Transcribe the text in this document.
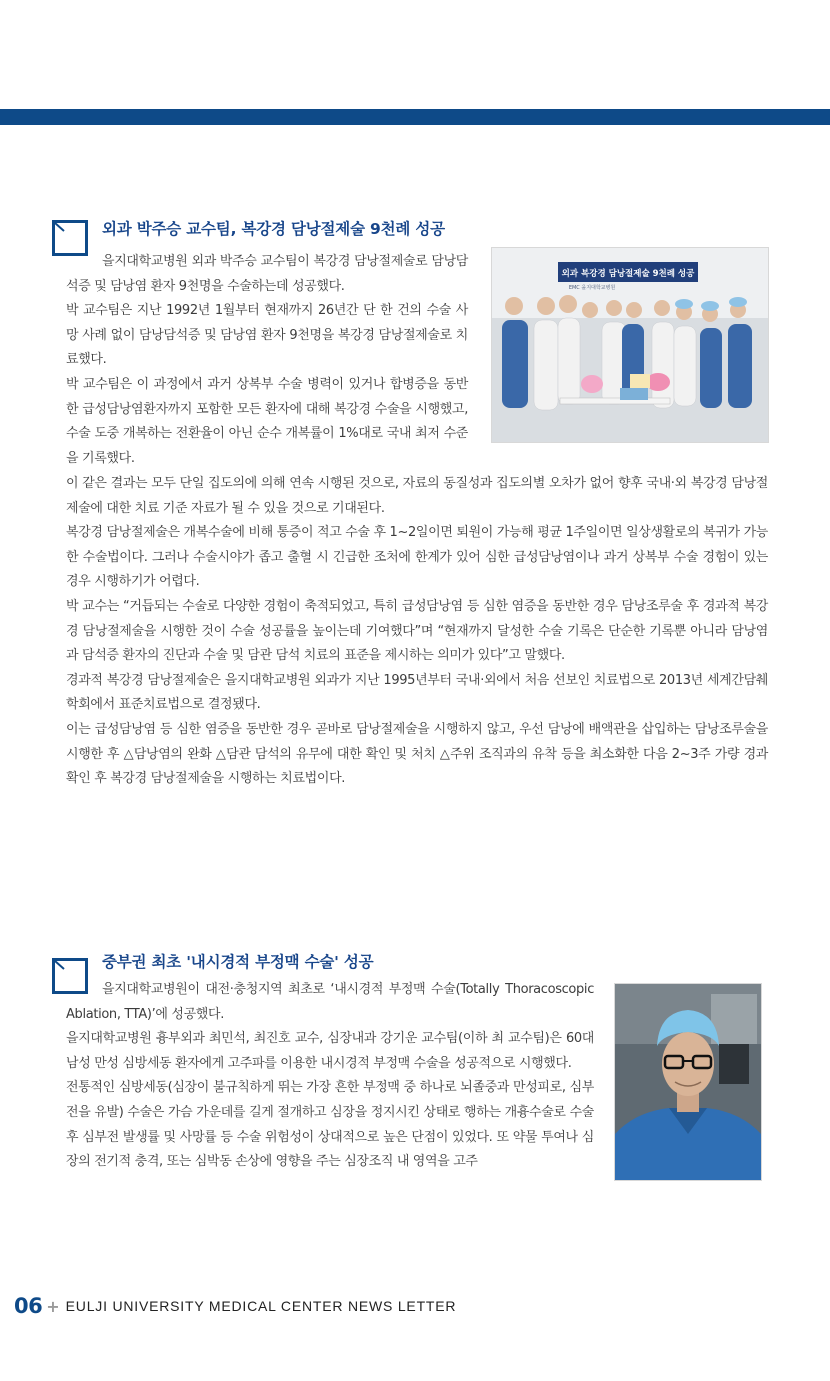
외과 박주승 교수팀, 복강경 담낭절제술 9천례 성공

을지대학교병원 외과 박주승 교수팀이 복강경 담낭절제술로 담낭담석증 및 담낭염 환자 9천명을 수술하는데 성공했다.

박 교수팀은 지난 1992년 1월부터 현재까지 26년간 단 한 건의 수술 사망 사례 없이 담낭담석증 및 담낭염 환자 9천명을 복강경 담낭절제술로 치료했다.

박 교수팀은 이 과정에서 과거 상복부 수술 병력이 있거나 합병증을 동반한 급성담낭염환자까지 포함한 모든 환자에 대해 복강경 수술을 시행했고, 수술 도중 개복하는 전환율이 아닌 순수 개복률이 1%대로 국내 최저 수준을 기록했다.

외과 복강경 담낭절제술 9천례 성공
EMC 을지대학교병원

이 같은 결과는 모두 단일 집도의에 의해 연속 시행된 것으로, 자료의 동질성과 집도의별 오차가 없어 향후 국내·외 복강경 담낭절제술에 대한 치료 기준 자료가 될 수 있을 것으로 기대된다.

복강경 담낭절제술은 개복수술에 비해 통증이 적고 수술 후 1~2일이면 퇴원이 가능해 평균 1주일이면 일상생활로의 복귀가 가능한 수술법이다. 그러나 수술시야가 좁고 출혈 시 긴급한 조처에 한계가 있어 심한 급성담낭염이나 과거 상복부 수술 경험이 있는 경우 시행하기가 어렵다.

박 교수는 “거듭되는 수술로 다양한 경험이 축적되었고, 특히 급성담낭염 등 심한 염증을 동반한 경우 담낭조루술 후 경과적 복강경 담낭절제술을 시행한 것이 수술 성공률을 높이는데 기여했다”며 “현재까지 달성한 수술 기록은 단순한 기록뿐 아니라 담낭염과 담석증 환자의 진단과 수술 및 담관 담석 치료의 표준을 제시하는 의미가 있다”고 말했다.

경과적 복강경 담낭절제술은 을지대학교병원 외과가 지난 1995년부터 국내·외에서 처음 선보인 치료법으로 2013년 세계간담췌학회에서 표준치료법으로 결정됐다.

이는 급성담낭염 등 심한 염증을 동반한 경우 곧바로 담낭절제술을 시행하지 않고, 우선 담낭에 배액관을 삽입하는 담낭조루술을 시행한 후 △담낭염의 완화 △담관 담석의 유무에 대한 확인 및 처치 △주위 조직과의 유착 등을 최소화한 다음 2~3주 가량 경과 확인 후 복강경 담낭절제술을 시행하는 치료법이다.

중부권 최초 '내시경적 부정맥 수술' 성공

을지대학교병원이 대전·충청지역 최초로 ‘내시경적 부정맥 수술(Totally Thoracoscopic Ablation, TTA)’에 성공했다.

을지대학교병원 흉부외과 최민석, 최진호 교수, 심장내과 강기운 교수팀(이하 최 교수팀)은 60대 남성 만성 심방세동 환자에게 고주파를 이용한 내시경적 부정맥 수술을 성공적으로 시행했다.

전통적인 심방세동(심장이 불규칙하게 뛰는 가장 흔한 부정맥 중 하나로 뇌졸중과 만성피로, 심부전을 유발) 수술은 가슴 가운데를 길게 절개하고 심장을 정지시킨 상태로 행하는 개흉수술로 수술 후 심부전 발생률 및 사망률 등 수술 위험성이 상대적으로 높은 단점이 있었다. 또 약물 투여나 심장의 전기적 충격, 또는 심박동 손상에 영향을 주는 심장조직 내 영역을 고주

06 + EULJI UNIVERSITY MEDICAL CENTER NEWS LETTER
